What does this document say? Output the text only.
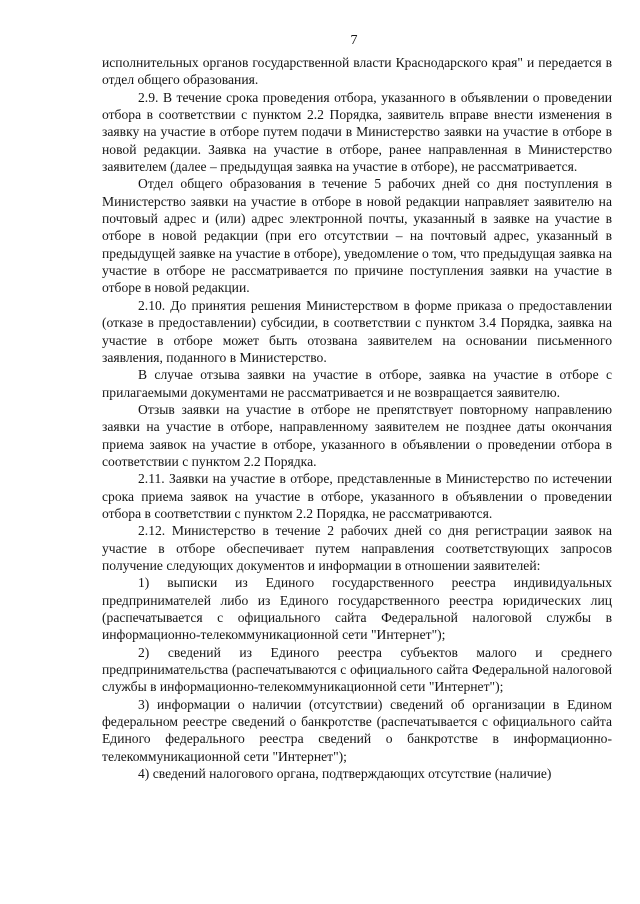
7

исполнительных органов государственной власти Краснодарского края" и передается в отдел общего образования.

2.9. В течение срока проведения отбора, указанного в объявлении о проведении отбора в соответствии с пунктом 2.2 Порядка, заявитель вправе внести изменения в заявку на участие в отборе путем подачи в Министерство заявки на участие в отборе в новой редакции. Заявка на участие в отборе, ранее направленная в Министерство заявителем (далее – предыдущая заявка на участие в отборе), не рассматривается.

Отдел общего образования в течение 5 рабочих дней со дня поступления в Министерство заявки на участие в отборе в новой редакции направляет заявителю на почтовый адрес и (или) адрес электронной почты, указанный в заявке на участие в отборе в новой редакции (при его отсутствии – на почтовый адрес, указанный в предыдущей заявке на участие в отборе), уведомление о том, что предыдущая заявка на участие в отборе не рассматривается по причине поступления заявки на участие в отборе в новой редакции.

2.10. До принятия решения Министерством в форме приказа о предоставлении (отказе в предоставлении) субсидии, в соответствии с пунктом 3.4 Порядка, заявка на участие в отборе может быть отозвана заявителем на основании письменного заявления, поданного в Министерство.

В случае отзыва заявки на участие в отборе, заявка на участие в отборе с прилагаемыми документами не рассматривается и не возвращается заявителю.

Отзыв заявки на участие в отборе не препятствует повторному направлению заявки на участие в отборе, направленному заявителем не позднее даты окончания приема заявок на участие в отборе, указанного в объявлении о проведении отбора в соответствии с пунктом 2.2 Порядка.

2.11. Заявки на участие в отборе, представленные в Министерство по истечении срока приема заявок на участие в отборе, указанного в объявлении о проведении отбора в соответствии с пунктом 2.2 Порядка, не рассматриваются.

2.12. Министерство в течение 2 рабочих дней со дня регистрации заявок на участие в отборе обеспечивает путем направления соответствующих запросов получение следующих документов и информации в отношении заявителей:

1) выписки из Единого государственного реестра индивидуальных предпринимателей либо из Единого государственного реестра юридических лиц (распечатывается с официального сайта Федеральной налоговой службы в информационно-телекоммуникационной сети "Интернет");

2) сведений из Единого реестра субъектов малого и среднего предпринимательства (распечатываются с официального сайта Федеральной налоговой службы в информационно-телекоммуникационной сети "Интернет");

3) информации о наличии (отсутствии) сведений об организации в Едином федеральном реестре сведений о банкротстве (распечатывается с официального сайта Единого федерального реестра сведений о банкротстве в информационно-телекоммуникационной сети "Интернет");

4) сведений налогового органа, подтверждающих отсутствие (наличие)
